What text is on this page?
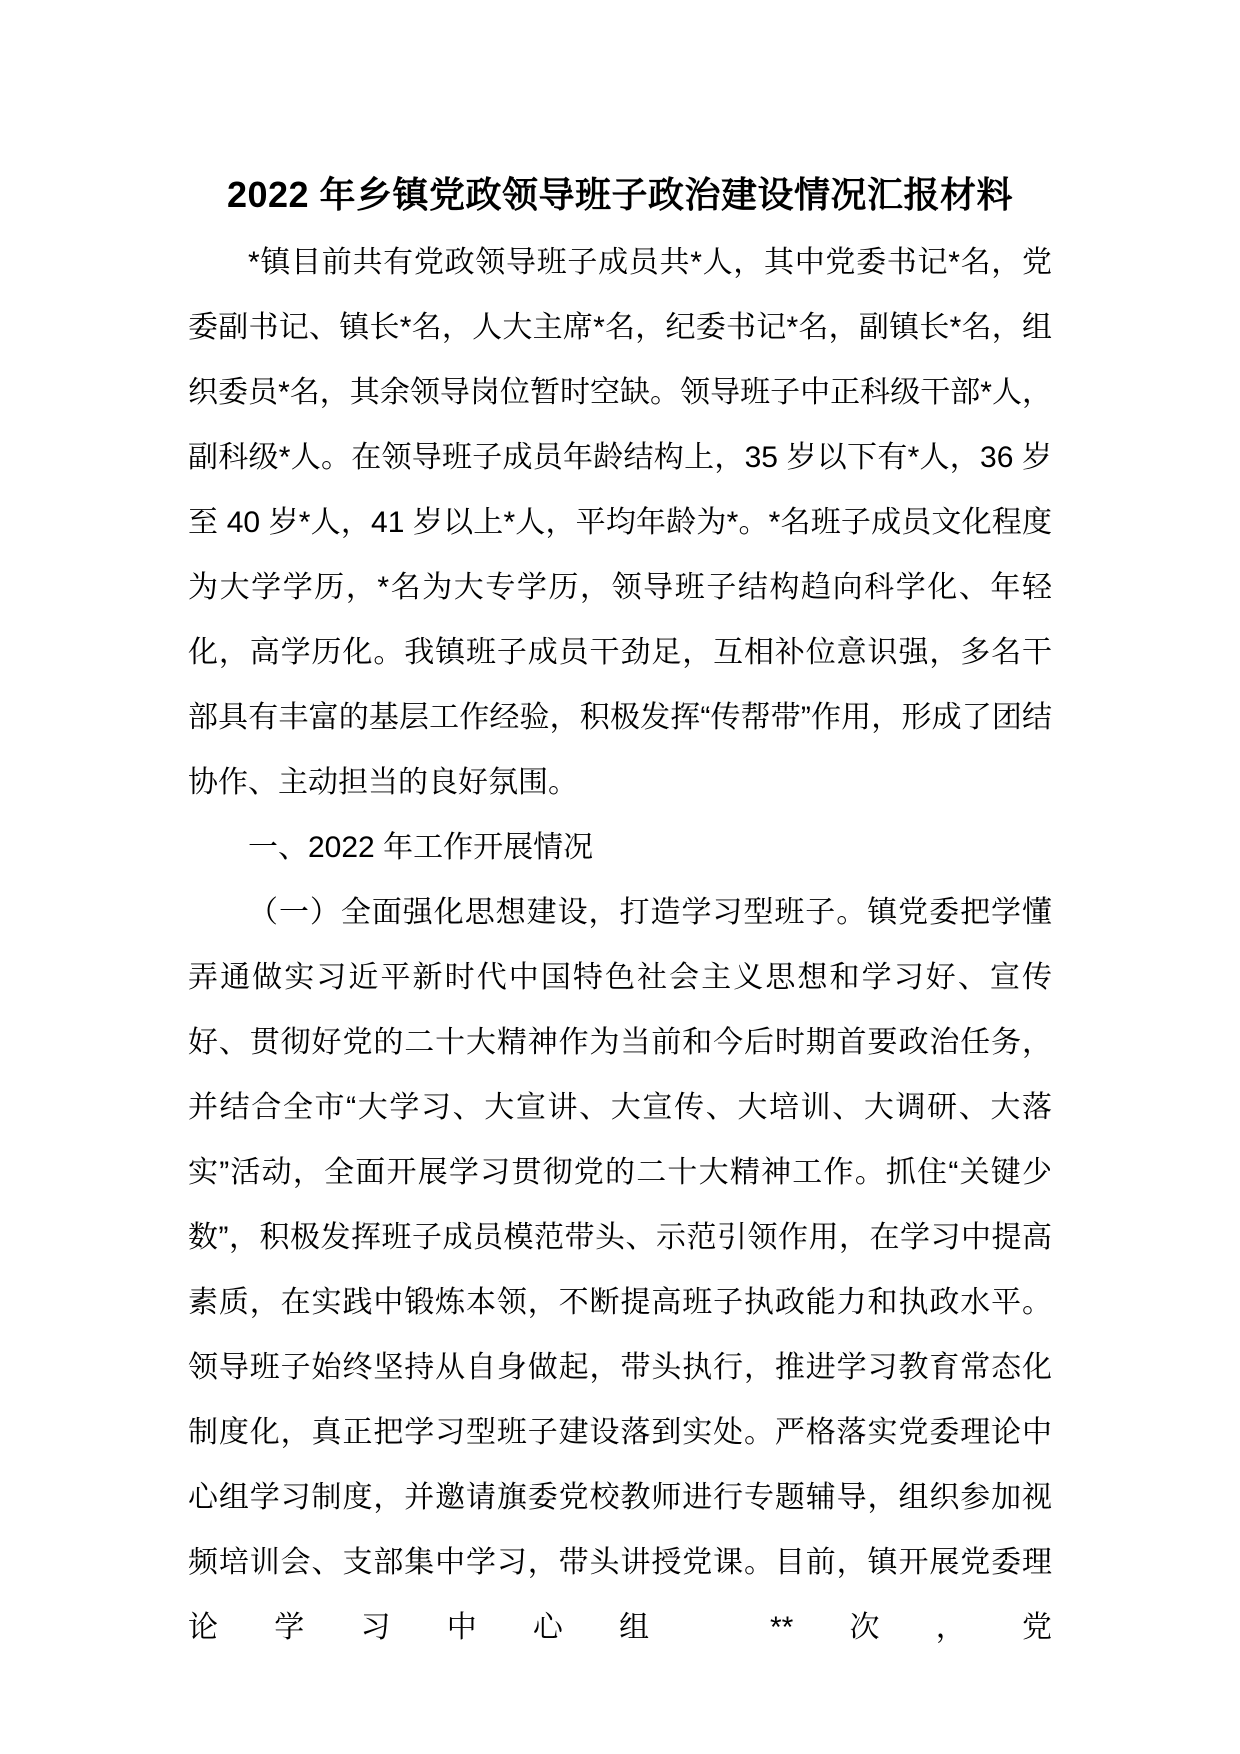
2022 年乡镇党政领导班子政治建设情况汇报材料

*镇目前共有党政领导班子成员共*人，其中党委书记*名，党委副书记、镇长*名，人大主席*名，纪委书记*名，副镇长*名，组织委员*名，其余领导岗位暂时空缺。领导班子中正科级干部*人，副科级*人。在领导班子成员年龄结构上，35 岁以下有*人，36 岁至 40 岁*人，41 岁以上*人，平均年龄为*。*名班子成员文化程度为大学学历，*名为大专学历，领导班子结构趋向科学化、年轻化，高学历化。我镇班子成员干劲足，互相补位意识强，多名干部具有丰富的基层工作经验，积极发挥“传帮带”作用，形成了团结协作、主动担当的良好氛围。

一、2022 年工作开展情况

（一）全面强化思想建设，打造学习型班子。镇党委把学懂弄通做实习近平新时代中国特色社会主义思想和学习好、宣传好、贯彻好党的二十大精神作为当前和今后时期首要政治任务，并结合全市“大学习、大宣讲、大宣传、大培训、大调研、大落实”活动，全面开展学习贯彻党的二十大精神工作。抓住“关键少数”，积极发挥班子成员模范带头、示范引领作用，在学习中提高素质，在实践中锻炼本领，不断提高班子执政能力和执政水平。领导班子始终坚持从自身做起，带头执行，推进学习教育常态化制度化，真正把学习型班子建设落到实处。严格落实党委理论中心组学习制度，并邀请旗委党校教师进行专题辅导，组织参加视频培训会、支部集中学习，带头讲授党课。目前，镇开展党委理论学习中心组 **次，党
